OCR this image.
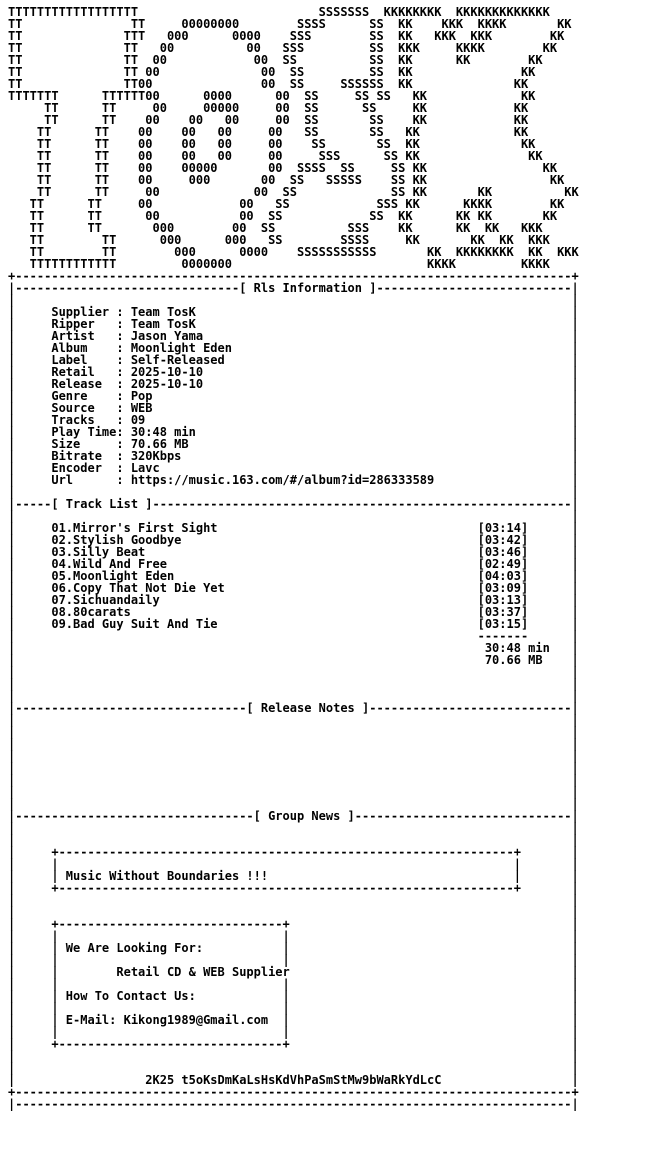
TTTTTTTTTTTTTTTTTT                         SSSSSSS  KKKKKKKK  KKKKKKKKKKKKK
TT               TT     00000000        SSSS      SS  KK    KKK  KKKK       KK
TT              TTT   000      0000    SSS        SS  KK   KKK  KKK        KK
TT              TT   00          00   SSS         SS  KKK     KKKK        KK
TT              TT  00            00  SS          SS  KK      KK        KK
TT              TT 00              00  SS         SS  KK               KK
TT              TT00               00  SS     SSSSSS  KK              KK
TTTTTTT      TTTTTT00      0000      00  SS     SS SS   KK             KK
TT      TT     00     00000     00  SS      SS     KK            KK
TT      TT    00    00   00     00  SS       SS    KK            KK
TT      TT    00    00   00     00   SS       SS   KK             KK
TT      TT    00    00   00     00    SS       SS  KK              KK
TT      TT    00    00   00     00     SSS      SS KK               KK
TT      TT    00    00000       00  SSSS  SS     SS KK                KK
TT      TT    00     000       00  SS   SSSSS    SS KK                 KK
TT      TT     00             00  SS             SS KK       KK          KK
TT      TT     00            00   SS            SSS KK      KKKK        KK
TT      TT      00           00  SS            SS  KK      KK KK       KK
TT      TT       000        00  SS          SSS    KK      KK  KK   KKK
TT        TT      000      000   SS        SSSS     KK       KK  KK  KKK
TT        TT        000      0000    SSSSSSSSSSS       KK  KKKKKKKK  KK  KKK
TTTTTTTTTTTT         0000000                           KKKK         KKKK
+-----------------------------------------------------------------------------+
|-------------------------------[ Rls Information ]---------------------------|
|                                                                             |
|     Supplier : Team TosK                                                    |
|     Ripper   : Team TosK                                                    |
|     Artist   : Jason Yama                                                   |
|     Album    : Moonlight Eden                                               |
|     Label    : Self-Released                                                |
|     Retail   : 2025-10-10                                                   |
|     Release  : 2025-10-10                                                   |
|     Genre    : Pop                                                          |
|     Source   : WEB                                                          |
|     Tracks   : 09                                                           |
|     Play Time: 30:48 min                                                    |
|     Size     : 70.66 MB                                                     |
|     Bitrate  : 320Kbps                                                      |
|     Encoder  : Lavc                                                         |
|     Url      : https://music.163.com/#/album?id=286333589                   |
|                                                                             |
|-----[ Track List ]----------------------------------------------------------|
|                                                                             |
|     01.Mirror's First Sight                                    [03:14]      |
|     02.Stylish Goodbye                                         [03:42]      |
|     03.Silly Beat                                              [03:46]      |
|     04.Wild And Free                                           [02:49]      |
|     05.Moonlight Eden                                          [04:03]      |
|     06.Copy That Not Die Yet                                   [03:09]      |
|     07.Sichuandaily                                            [03:13]      |
|     08.80carats                                                [03:37]      |
|     09.Bad Guy Suit And Tie                                    [03:15]      |
|                                                                -------      |
|                                                                 30:48 min   |
|                                                                 70.66 MB    |
|                                                                             |
|                                                                             |
|                                                                             |
|--------------------------------[ Release Notes ]----------------------------|
|                                                                             |
|                                                                             |
|                                                                             |
|                                                                             |
|                                                                             |
|                                                                             |
|                                                                             |
|                                                                             |
|---------------------------------[ Group News ]------------------------------|
|                                                                             |
|                                                                             |
|     +---------------------------------------------------------------+       |
|     |                                                               |       |
|     | Music Without Boundaries !!!                                  |       |
|     +---------------------------------------------------------------+       |
|                                                                             |
|                                                                             |
|     +-------------------------------+                                       |
|     |                               |                                       |
|     | We Are Looking For:           |                                       |
|     |                               |                                       |
|     |        Retail CD & WEB Supplier                                       |
|     |                               |                                       |
|     | How To Contact Us:            |                                       |
|     |                               |                                       |
|     | E-Mail: Kikong1989@Gmail.com  |                                       |
|     |                               |                                       |
|     +-------------------------------+                                       |
|                                                                             |
|                                                                             |
|                  2K25 t5oKsDmKaLsHsKdVhPaSmStMw9bWaRkYdLcC                  |
+-----------------------------------------------------------------------------+
|-----------------------------------------------------------------------------|
